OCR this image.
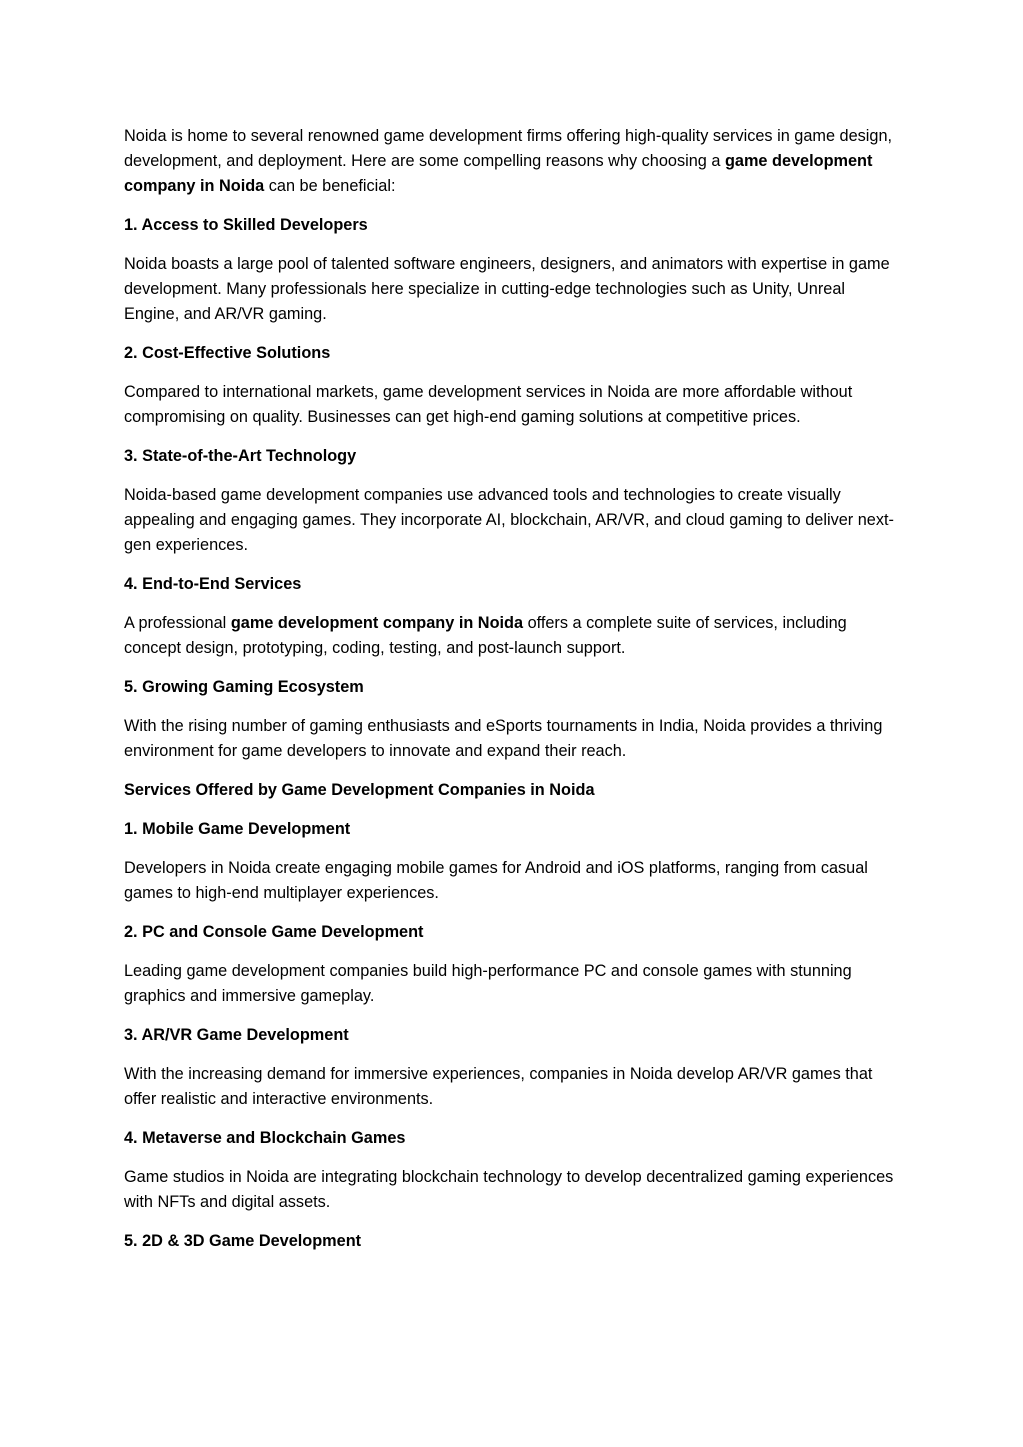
Noida is home to several renowned game development firms offering high-quality services in game design, development, and deployment. Here are some compelling reasons why choosing a game development company in Noida can be beneficial:

1. Access to Skilled Developers

Noida boasts a large pool of talented software engineers, designers, and animators with expertise in game development. Many professionals here specialize in cutting-edge technologies such as Unity, Unreal Engine, and AR/VR gaming.

2. Cost-Effective Solutions

Compared to international markets, game development services in Noida are more affordable without compromising on quality. Businesses can get high-end gaming solutions at competitive prices.

3. State-of-the-Art Technology

Noida-based game development companies use advanced tools and technologies to create visually appealing and engaging games. They incorporate AI, blockchain, AR/VR, and cloud gaming to deliver next-gen experiences.

4. End-to-End Services

A professional game development company in Noida offers a complete suite of services, including concept design, prototyping, coding, testing, and post-launch support.

5. Growing Gaming Ecosystem

With the rising number of gaming enthusiasts and eSports tournaments in India, Noida provides a thriving environment for game developers to innovate and expand their reach.

Services Offered by Game Development Companies in Noida

1. Mobile Game Development

Developers in Noida create engaging mobile games for Android and iOS platforms, ranging from casual games to high-end multiplayer experiences.

2. PC and Console Game Development

Leading game development companies build high-performance PC and console games with stunning graphics and immersive gameplay.

3. AR/VR Game Development

With the increasing demand for immersive experiences, companies in Noida develop AR/VR games that offer realistic and interactive environments.

4. Metaverse and Blockchain Games

Game studios in Noida are integrating blockchain technology to develop decentralized gaming experiences with NFTs and digital assets.

5. 2D & 3D Game Development
